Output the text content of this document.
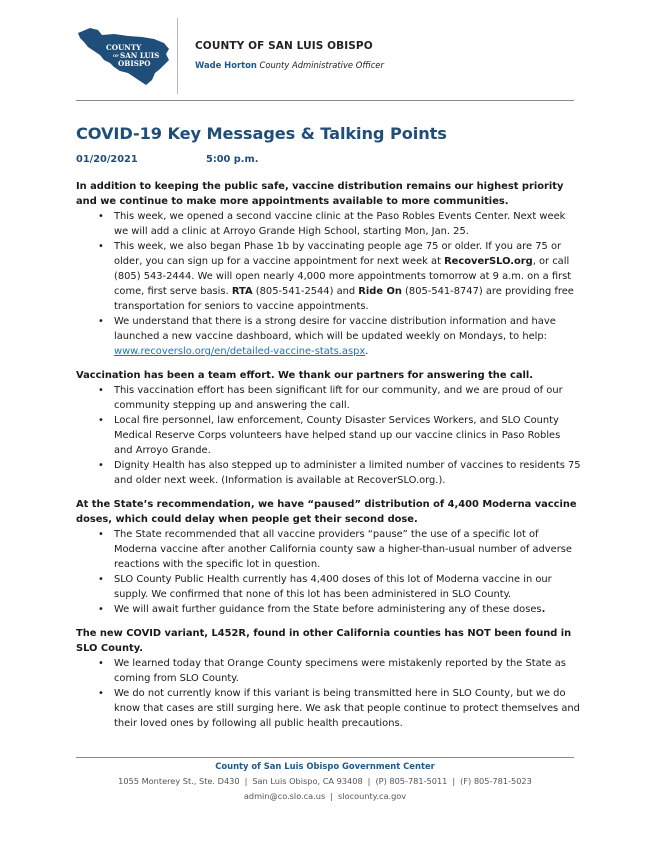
COUNTY
OF SAN LUIS
OBISPO
COUNTY OF SAN LUIS OBISPO
Wade Horton County Administrative Officer
COVID-19 Key Messages & Talking Points
01/20/2021	5:00 p.m.

In addition to keeping the public safe, vaccine distribution remains our highest priority and we continue to make more appointments available to more communities.

• This week, we opened a second vaccine clinic at the Paso Robles Events Center. Next week we will add a clinic at Arroyo Grande High School, starting Mon, Jan. 25.
• This week, we also began Phase 1b by vaccinating people age 75 or older. If you are 75 or older, you can sign up for a vaccine appointment for next week at RecoverSLO.org, or call (805) 543-2444. We will open nearly 4,000 more appointments tomorrow at 9 a.m. on a first come, first serve basis. RTA (805-541-2544) and Ride On (805-541-8747) are providing free transportation for seniors to vaccine appointments.
• We understand that there is a strong desire for vaccine distribution information and have launched a new vaccine dashboard, which will be updated weekly on Mondays, to help: www.recoverslo.org/en/detailed-vaccine-stats.aspx.

Vaccination has been a team effort. We thank our partners for answering the call.

• This vaccination effort has been significant lift for our community, and we are proud of our community stepping up and answering the call.
• Local fire personnel, law enforcement, County Disaster Services Workers, and SLO County Medical Reserve Corps volunteers have helped stand up our vaccine clinics in Paso Robles and Arroyo Grande.
• Dignity Health has also stepped up to administer a limited number of vaccines to residents 75 and older next week. (Information is available at RecoverSLO.org.).

At the State’s recommendation, we have “paused” distribution of 4,400 Moderna vaccine doses, which could delay when people get their second dose.

• The State recommended that all vaccine providers “pause” the use of a specific lot of Moderna vaccine after another California county saw a higher-than-usual number of adverse reactions with the specific lot in question.
• SLO County Public Health currently has 4,400 doses of this lot of Moderna vaccine in our supply. We confirmed that none of this lot has been administered in SLO County.
• We will await further guidance from the State before administering any of these doses.

The new COVID variant, L452R, found in other California counties has NOT been found in SLO County.

• We learned today that Orange County specimens were mistakenly reported by the State as coming from SLO County.
• We do not currently know if this variant is being transmitted here in SLO County, but we do know that cases are still surging here. We ask that people continue to protect themselves and their loved ones by following all public health precautions.
County of San Luis Obispo Government Center
1055 Monterey St., Ste. D430 | San Luis Obispo, CA 93408 | (P) 805-781-5011 | (F) 805-781-5023
admin@co.slo.ca.us | slocounty.ca.gov
